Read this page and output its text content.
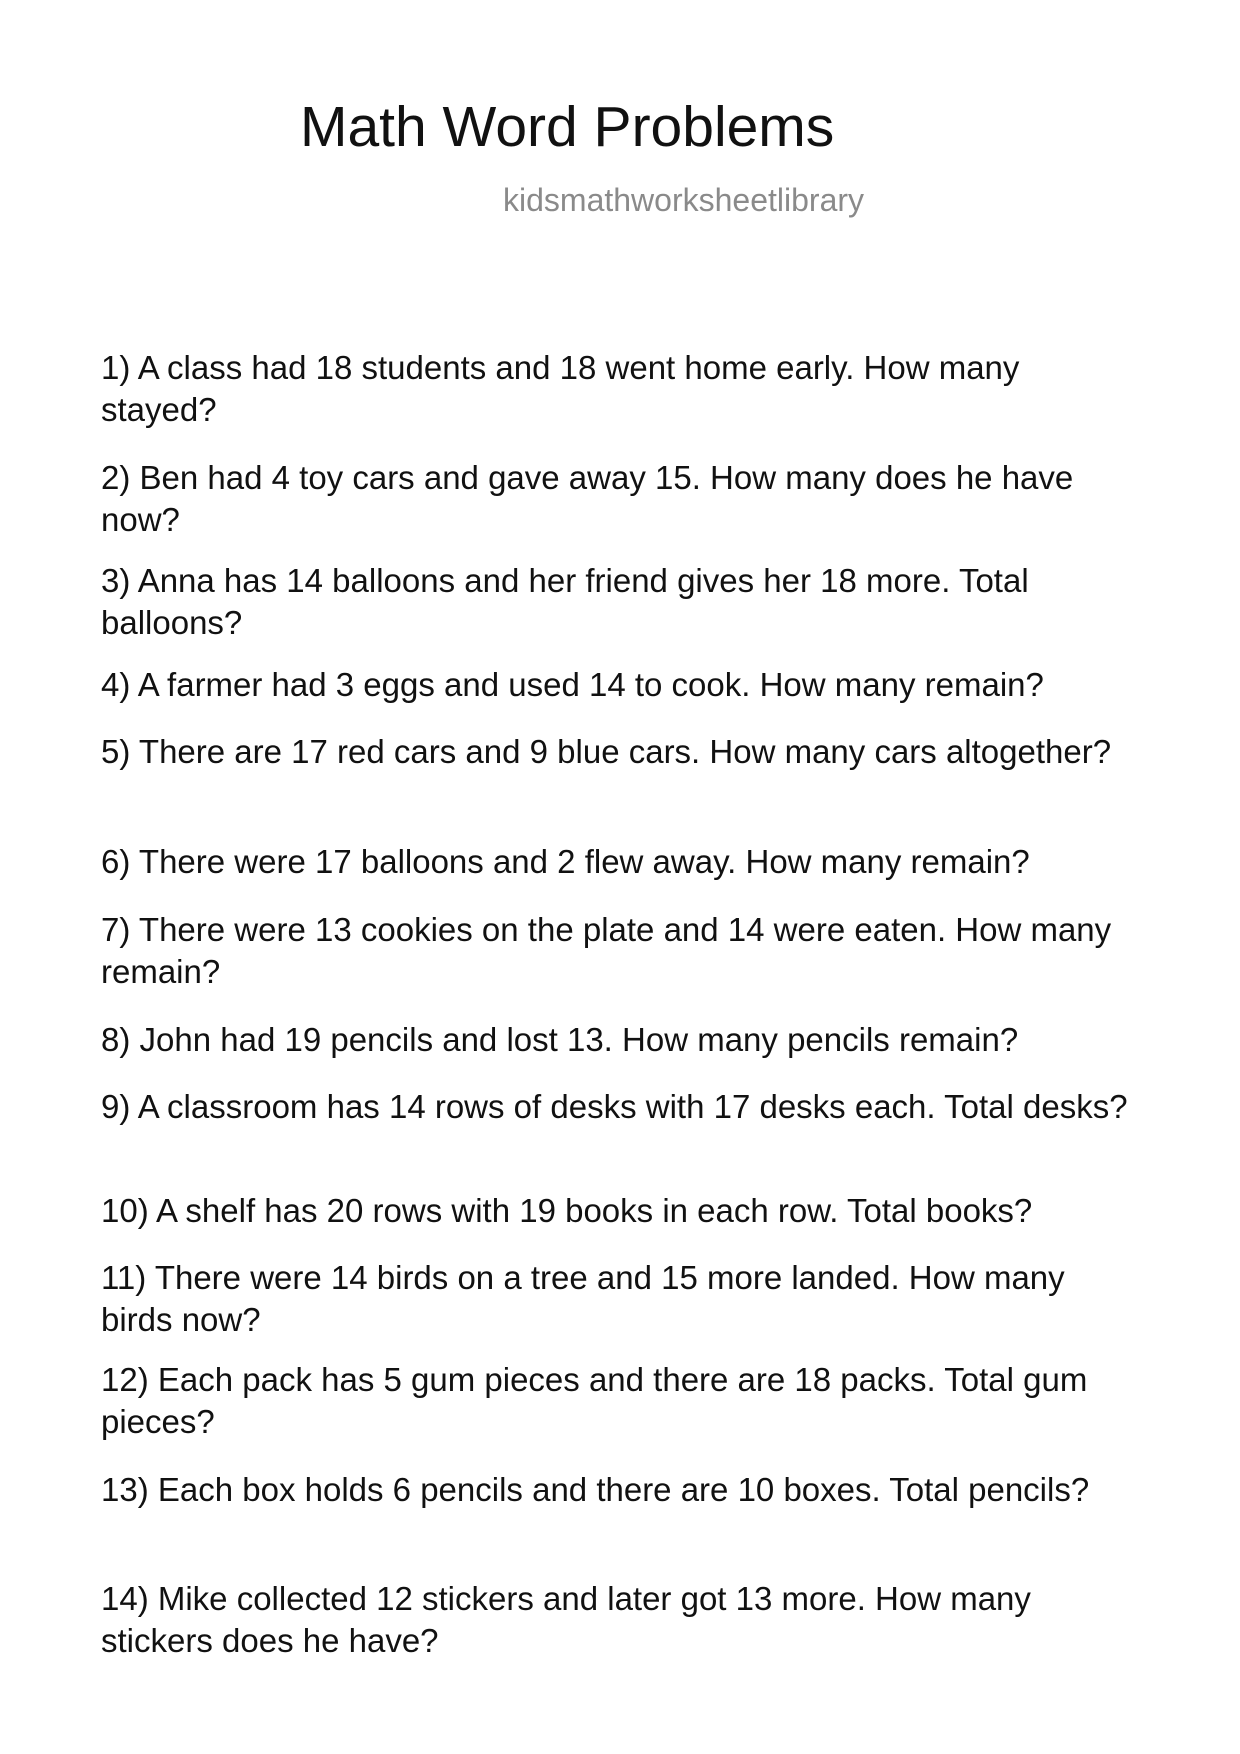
Math Word Problems
kidsmathworksheetlibrary

1) A class had 18 students and 18 went home early. How many stayed?

2) Ben had 4 toy cars and gave away 15. How many does he have now?

3) Anna has 14 balloons and her friend gives her 18 more. Total balloons?

4) A farmer had 3 eggs and used 14 to cook. How many remain?

5) There are 17 red cars and 9 blue cars. How many cars altogether?

6) There were 17 balloons and 2 flew away. How many remain?

7) There were 13 cookies on the plate and 14 were eaten. How many remain?

8) John had 19 pencils and lost 13. How many pencils remain?

9) A classroom has 14 rows of desks with 17 desks each. Total desks?

10) A shelf has 20 rows with 19 books in each row. Total books?

11) There were 14 birds on a tree and 15 more landed. How many birds now?

12) Each pack has 5 gum pieces and there are 18 packs. Total gum pieces?

13) Each box holds 6 pencils and there are 10 boxes. Total pencils?

14) Mike collected 12 stickers and later got 13 more. How many stickers does he have?
